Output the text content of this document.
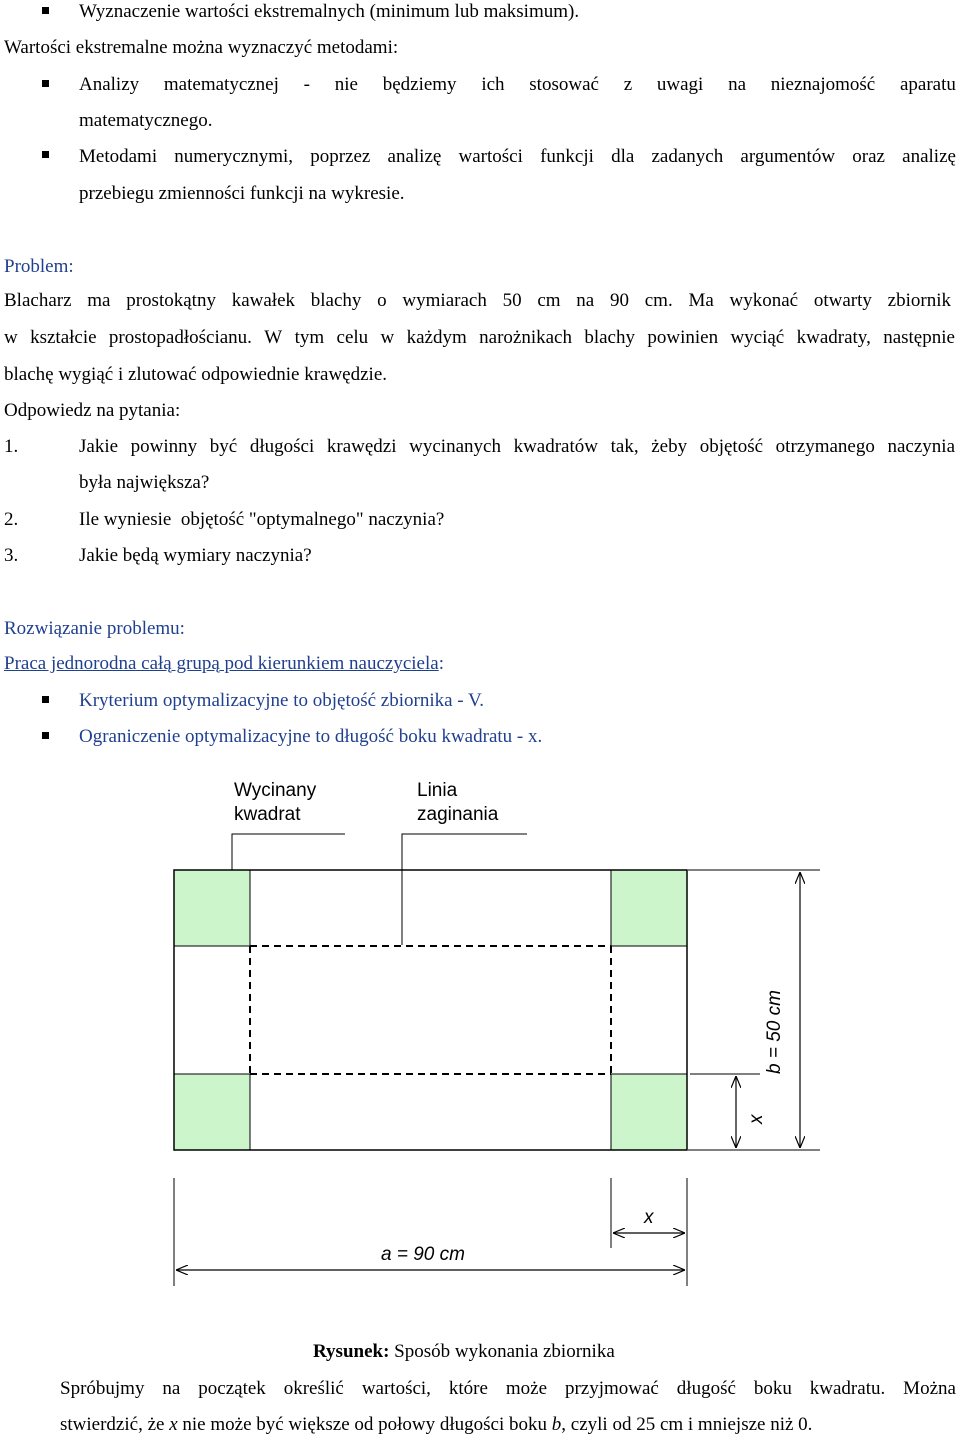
Wyznaczenie wartości ekstremalnych (minimum lub maksimum).
Wartości ekstremalne można wyznaczyć metodami:
Analizy matematycznej - nie będziemy ich stosować z uwagi na nieznajomość aparatu
matematycznego.
Metodami numerycznymi, poprzez analizę wartości funkcji dla zadanych argumentów oraz analizę
przebiegu zmienności funkcji na wykresie.
Problem:
Blacharz ma prostokątny kawałek blachy o wymiarach 50 cm na 90 cm. Ma wykonać otwarty zbiornik
w kształcie prostopadłościanu. W tym celu w każdym narożnikach blachy powinien wyciąć kwadraty, następnie
blachę wygiąć i zlutować odpowiednie krawędzie.
Odpowiedz na pytania:
1.	Jakie powinny być długości krawędzi wycinanych kwadratów tak, żeby objętość otrzymanego naczynia
była największa?
2.	Ile wyniesie  objętość "optymalnego" naczynia?
3.	Jakie będą wymiary naczynia?
Rozwiązanie problemu:
Praca jednorodna całą grupą pod kierunkiem nauczyciela:
Kryterium optymalizacyjne to objętość zbiornika - V.
Ograniczenie optymalizacyjne to długość boku kwadratu - x.
Wycinany
kwadrat
Linia
zaginania
b = 50 cm
x
a = 90 cm
x
Rysunek: Sposób wykonania zbiornika
Spróbujmy na początek określić wartości, które może przyjmować długość boku kwadratu. Można
stwierdzić, że x nie może być większe od połowy długości boku b, czyli od 25 cm i mniejsze niż 0.
